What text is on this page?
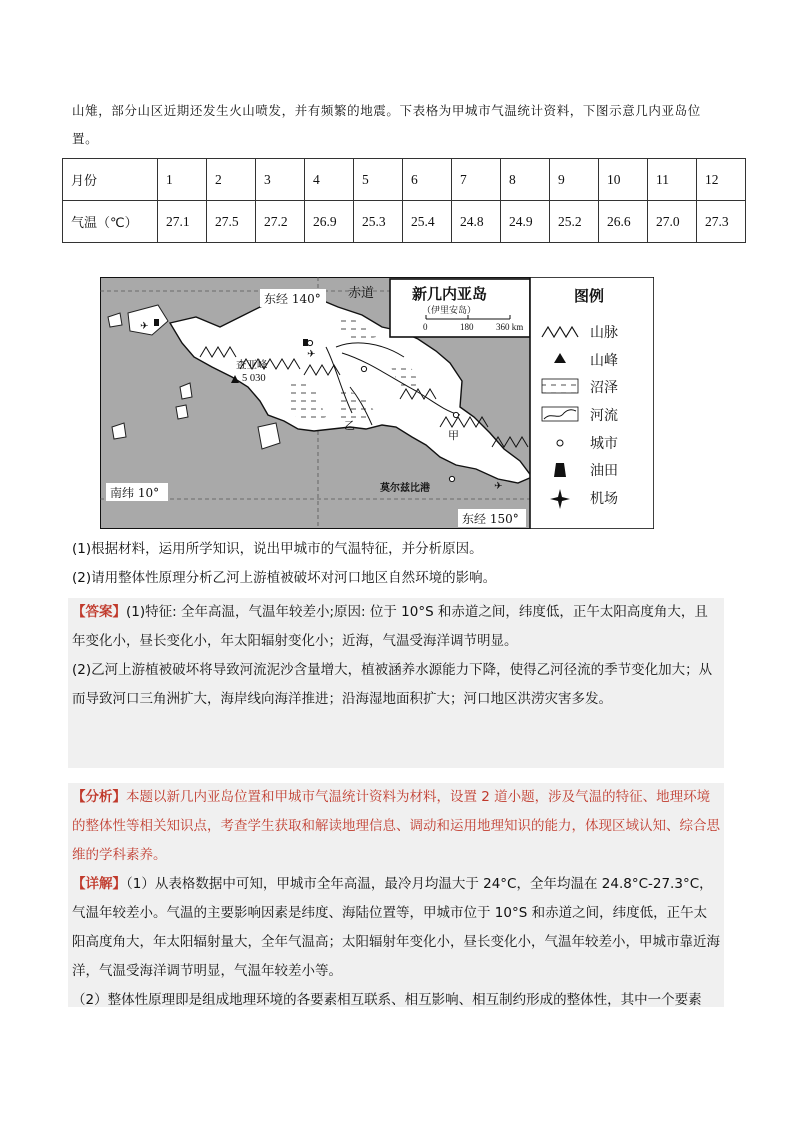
山雉，部分山区近期还发生火山喷发，并有频繁的地震。下表格为甲城市气温统计资料，下图示意几内亚岛位置。
月份	1	2	3	4	5	6	7	8	9	10	11	12
气温（℃）	27.1	27.5	27.2	26.9	25.3	25.4	24.8	24.9	25.2	26.6	27.0	27.3
查亚峰
5 030
✈
✈
✈
甲
乙
莫尔兹比港
东经 140° 赤道
南纬 10°
东经 150°
新几内亚岛
（伊里安岛）
0	180	360 km
图例
山脉
山峰
沼泽
河流
城市
油田
机场
(1)根据材料，运用所学知识，说出甲城市的气温特征，并分析原因。
(2)请用整体性原理分析乙河上游植被破坏对河口地区自然环境的影响。
【答案】(1)特征: 全年高温，气温年较差小;原因: 位于 10°S 和赤道之间，纬度低，正午太阳高度角大，且年变化小，昼长变化小，年太阳辐射变化小；近海，气温受海洋调节明显。
(2)乙河上游植被破坏将导致河流泥沙含量增大，植被涵养水源能力下降，使得乙河径流的季节变化加大；从而导致河口三角洲扩大，海岸线向海洋推进；沿海湿地面积扩大；河口地区洪涝灾害多发。
【分析】本题以新几内亚岛位置和甲城市气温统计资料为材料，设置 2 道小题，涉及气温的特征、地理环境的整体性等相关知识点，考查学生获取和解读地理信息、调动和运用地理知识的能力，体现区域认知、综合思维的学科素养。
【详解】（1）从表格数据中可知，甲城市全年高温，最冷月均温大于 24°C，全年均温在 24.8°C-27.3°C，气温年较差小。气温的主要影响因素是纬度、海陆位置等，甲城市位于 10°S 和赤道之间，纬度低，正午太阳高度角大，年太阳辐射量大，全年气温高；太阳辐射年变化小，昼长变化小，气温年较差小，甲城市靠近海洋，气温受海洋调节明显，气温年较差小等。
（2）整体性原理即是组成地理环境的各要素相互联系、相互影响、相互制约形成的整体性，其中一个要素
